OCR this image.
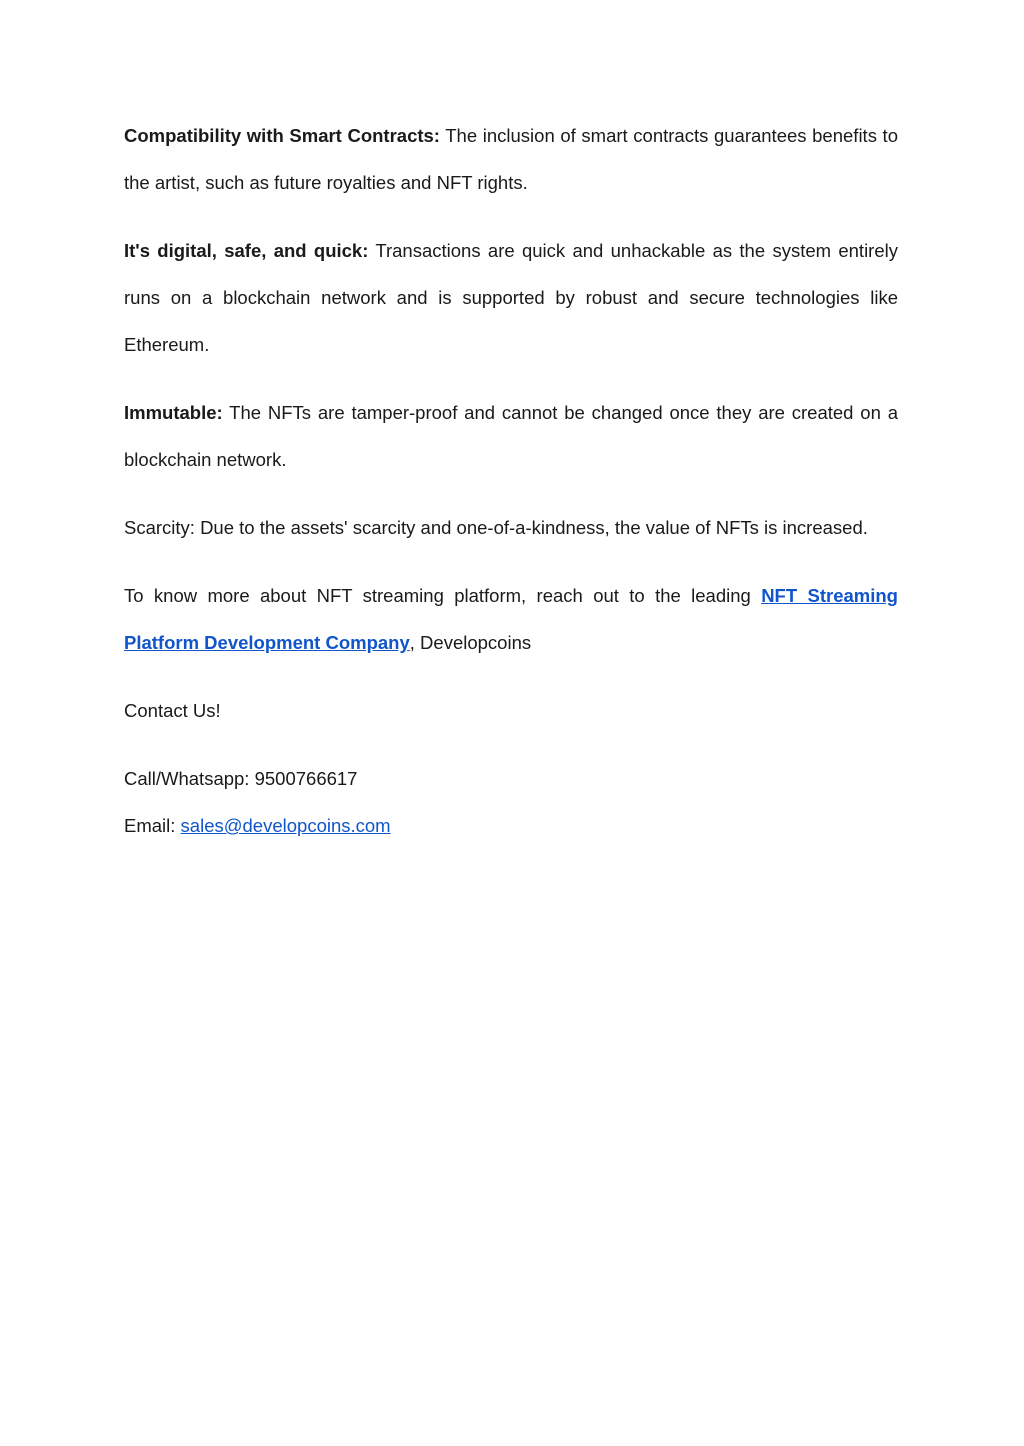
Compatibility with Smart Contracts: The inclusion of smart contracts guarantees benefits to the artist, such as future royalties and NFT rights.

It's digital, safe, and quick: Transactions are quick and unhackable as the system entirely runs on a blockchain network and is supported by robust and secure technologies like Ethereum.

Immutable: The NFTs are tamper-proof and cannot be changed once they are created on a blockchain network.

Scarcity: Due to the assets' scarcity and one-of-a-kindness, the value of NFTs is increased.

To know more about NFT streaming platform, reach out to the leading NFT Streaming Platform Development Company, Developcoins

Contact Us!

Call/Whatsapp: 9500766617

Email: sales@developcoins.com
